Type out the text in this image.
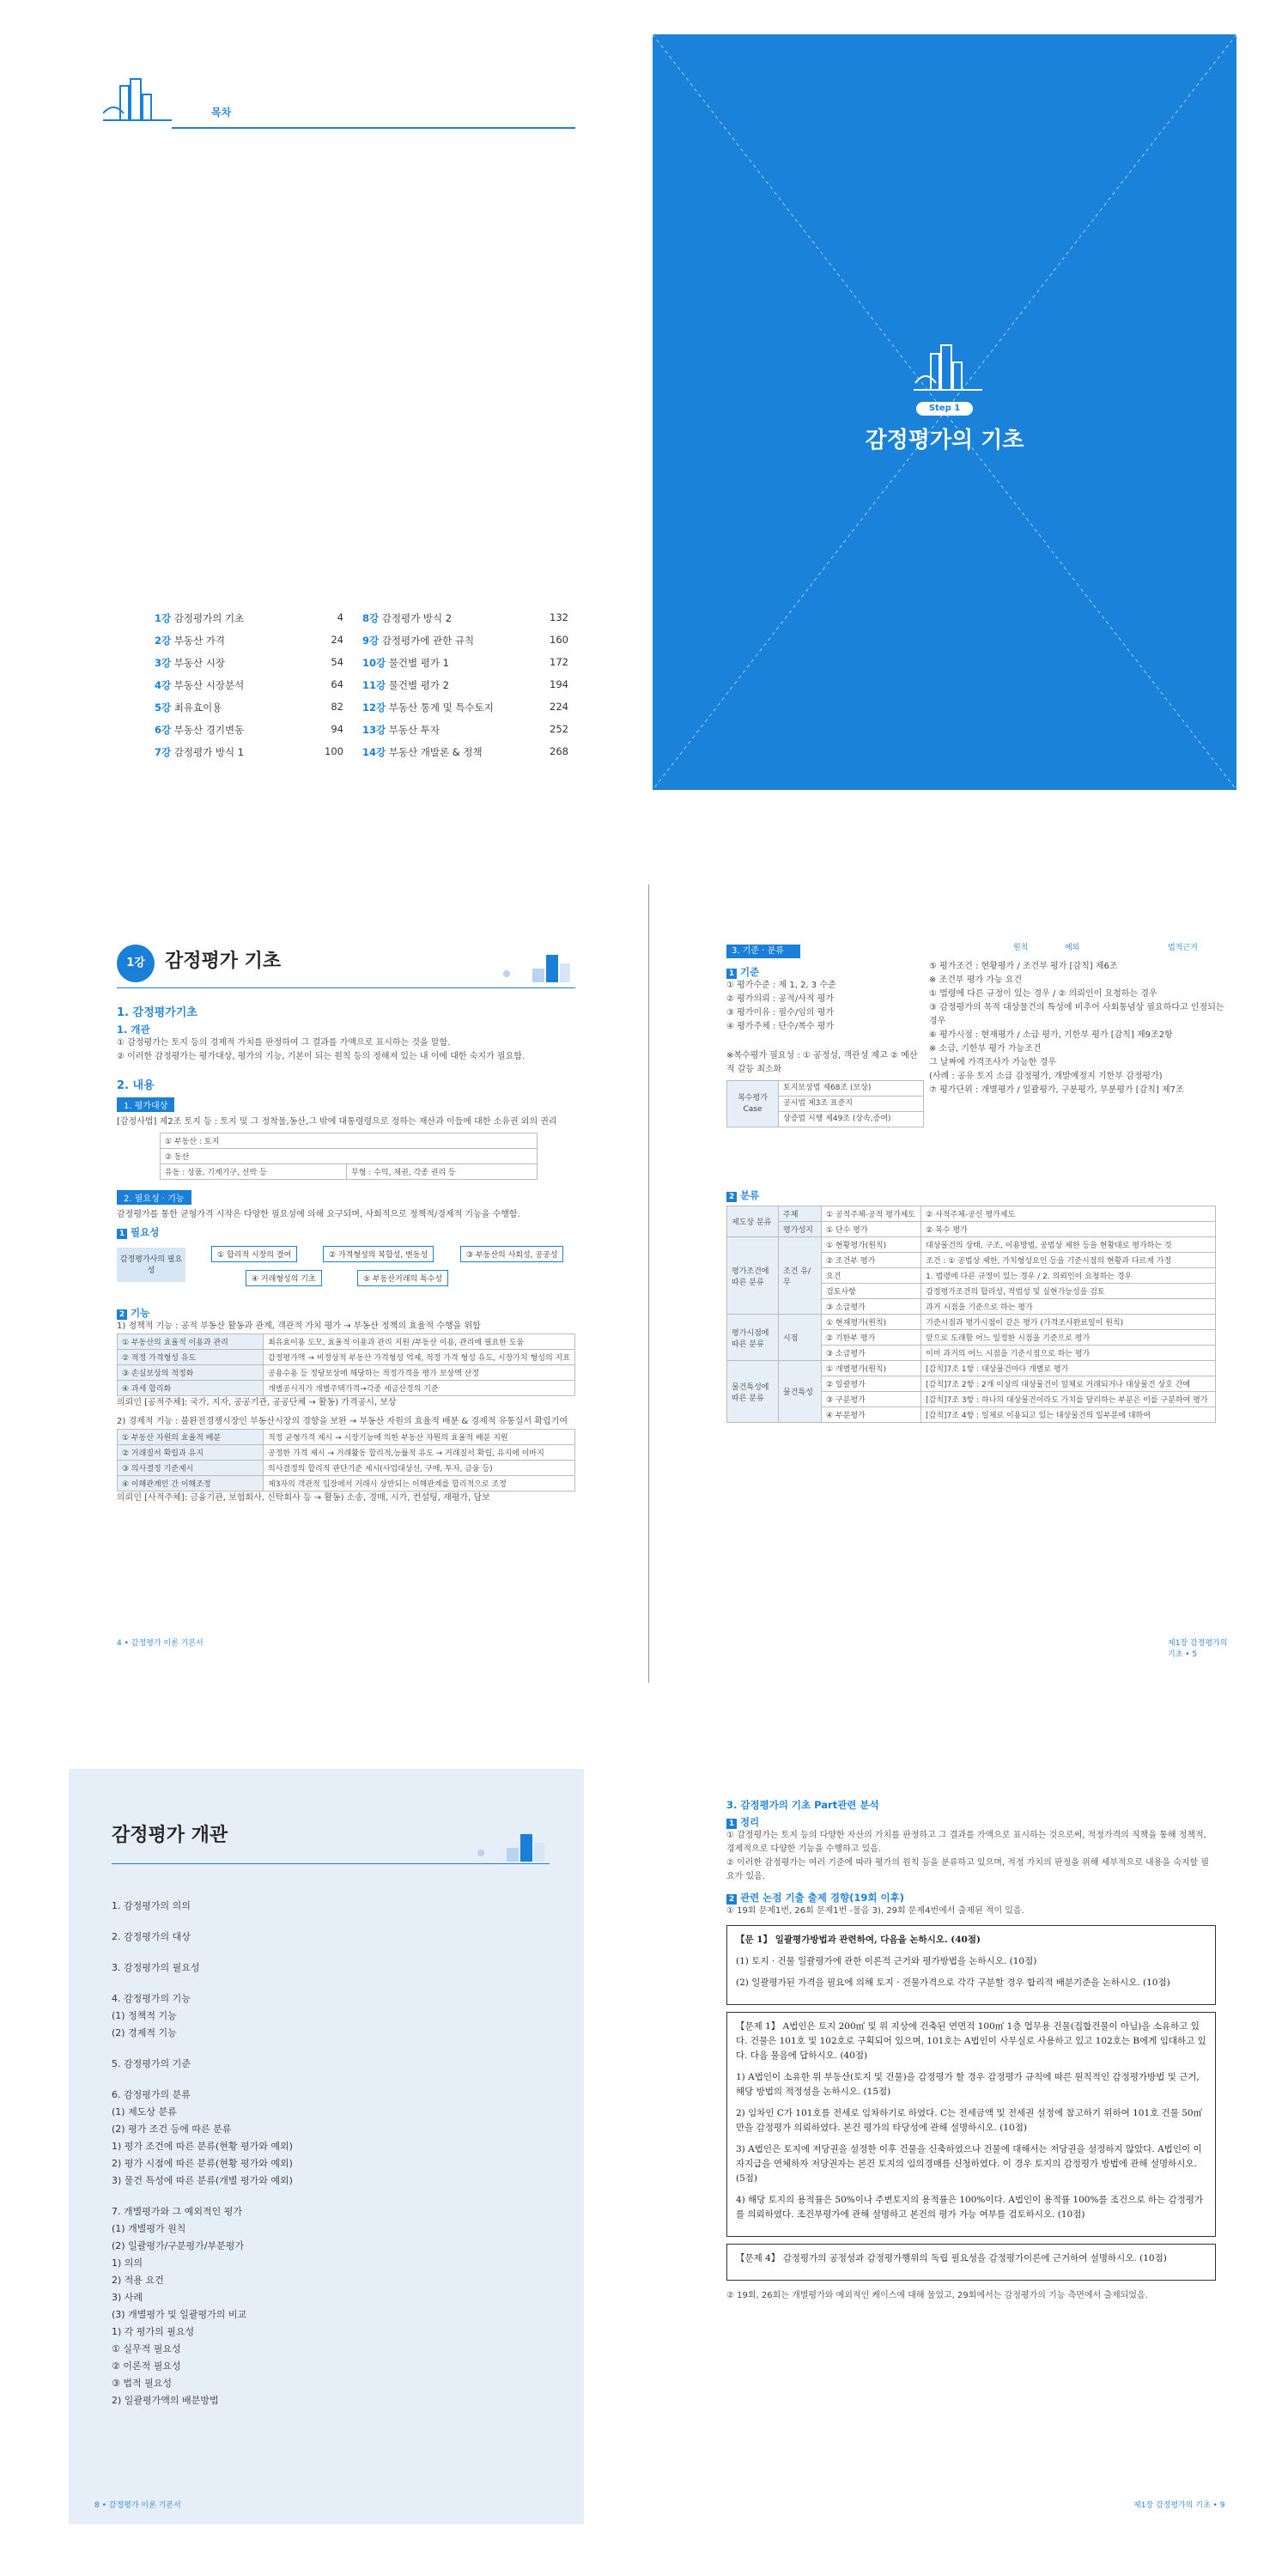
목차
1강 감정평가의 기초	4 8강 감정평가 방식 2	132
2강 부동산 가격	24 9강 감정평가에 관한 규칙	160
3강 부동산 시장	54 10강 물건별 평가 1	172
4강 부동산 시장분석	64 11강 물건별 평가 2	194
5강 최유효이용	82 12강 부동산 통계 및 특수토지	224
6강 부동산 경기변동	94 13강 부동산 투자	252
7강 감정평가 방식 1	100 14강 부동산 개발론 & 정책	268
Step 1
감정평가의 기초
1강	감정평가 기초
1. 감정평가기초
1. 개관
① 감정평가는 토지 등의 경제적 가치를 판정하여 그 결과를 가액으로 표시하는 것을 말함.
② 이러한 감정평가는 평가대상, 평가의 기능, 기본이 되는 원칙 등의 정해져 있는 내 이에 대한 숙지가 필요함.
2. 내용
1. 평가대상
[감정사법] 제2조 토지 등 : 토지 및 그 정착물,동산,그 밖에 대통령령으로 정하는 재산과 이들에 대한 소유권 외의 권리
① 부동산 : 토지
② 동산
유동 : 상품, 기계기구, 선박 등	무형 : 수익, 채권, 각종 권리 등
2. 필요성 · 기능
감정평가를 통한 균형가격 시작은 다양한 필요성에 의해 요구되며, 사회적으로 정책적/경제적 기능을 수행함.
1 필요성
감정평가사의 필요성
① 합리적 시장의 결여	② 가격형성의 복합성, 변동성	③ 부동산의 사회성, 공공성
④ 거래형성의 기초	⑤ 부동산거래의 특수성
2 기능
1) 정책적 기능 : 공적 부동산 활동과 관계, 객관적 가치 평가 → 부동산 정책의 효율적 수행을 위함
① 부동산의 효율적 이용과 관리	최유효이용 도모, 효율적 이용과 관리 지원 /부동산 이용, 관리에 필요한 도움
② 적정 가격형성 유도	감정평가액 → 비정상적 부동산 가격형성 억제, 적정 가격 형성 유도, 시장가치 형성의 지표
③ 손실보상의 적정화	공용수용 등 정당보상에 해당하는 적정가격을 평가 보상액 산정
④ 과세 합리화	개별공시지가 개별주택가격→각종 세금산정의 기준
의뢰인 [공적주체]: 국가, 지자, 공공기관, 공공단체 → 활동) 가격공시, 보상
2) 경제적 기능 : 불완전경쟁시장인 부동산시장의 경향을 보완 → 부동산 자원의 효율적 배분 & 경제적 유통실서 확립기여
① 부동산 자원의 효율적 배분	적정 균형가격 제시 → 시장기능에 의한 부동산 자원의 효율적 배분 지원
② 거래질서 확립과 유지	공정한 가격 제시 → 거래활동 합리적,능률적 유도 → 거래질서 확립, 유지에 이바지
③ 의사결정 기준제시	의사결정의 합리적 판단기준 제시(사업대상선, 구매, 투자, 금융 등)
④ 이해관계인 간 이해조정	제3자의 객관적 입장에서 거래시 상반되는 이해관계를 합리적으로 조정
의뢰인 [사적주체]: 금융기관, 보험회사, 신탁회사 등 → 활동) 소송, 경매, 시가, 컨설팅, 재평가, 담보
4 • 감정평가 이론 기본서
3. 기준 · 분류	원칙	예외	법적근거
1 기준
① 평가수준 : 제 1, 2, 3 수준
② 평가의뢰 : 공적/사적 평가
③ 평가이유 : 필수/임의 평가
④ 평가주체 : 단수/복수 평가
※복수평가 필요성 : ① 공정성, 객관성 제고 ② 예산적 갈등 최소화
복수평가 Case	토지보상법 제68조 (보상)
공시법 제3조 표준지
상증법 시행 제49조 (상속,증여)
⑤ 평가조건 : 현황평가 / 조건부 평가 [감칙] 제6조
※ 조건부 평가 가능 요건
① 법령에 다른 규정이 있는 경우 / ② 의뢰인이 요청하는 경우
③ 감정평가의 목적 대상물건의 특성에 비추어 사회통념상 필요하다고 인정되는 경우
⑥ 평가시점 : 현재평가 / 소급 평가, 기한부 평가 [감칙] 제9조2항
※ 소급, 기한부 평가 가능조건
그 날짜에 가격조사가 가능한 경우
(사례 : 공유 토지 소급 감정평가, 개발예정지 기한부 감정평가)
⑦ 평가단위 : 개별평가 / 일괄평가, 구분평가, 부분평가 [감칙] 제7조
2 분류
제도상 분류	주체	① 공적주체-공적 평가제도	② 사적주체-공신 평가제도
	평가성지	① 단수 평가	② 복수 평가
평가조건에 따른 분류	조건 유/무	① 현황평가(원칙)	대상물건의 상태, 구조, 이용방법, 공법상 제한 등을 현황대로 평가하는 것
		② 조건부 평가	조건 : ① 공법상 제한, 가치형성요인 등을 기준시점의 현황과 다르게 가정
		요건	1. 법령에 다른 규정이 있는 경우 / 2. 의뢰인이 요청하는 경우
		검토사항	감정평가조건의 합리성, 적법성 및 실현가능성을 검토
		③ 소급평가	과거 시점을 기준으로 하는 평가
평가시점에 따른 분류	시점	① 현재평가(원칙)	기준시점과 평가시점이 같은 평가 (가격조사완료일이 원칙)
		② 기한부 평가	앞으로 도래할 어느 일정한 시점을 기준으로 평가
		③ 소급평가	이미 과거의 어느 시점을 기준시점으로 하는 평가
물건특성에 따른 분류	물건특성	① 개별평가(원칙)	[감칙]7조 1항 : 대상물건마다 개별로 평가
		② 일괄평가	[감칙]7조 2항 : 2개 이상의 대상물건이 일체로 거래되거나 대상물건 상호 간에
		③ 구분평가	[감칙]7조 3항 : 하나의 대상물건이라도 가치를 달리하는 부분은 이를 구분하여 평가
		④ 부분평가	[감칙]7조 4항 : 일체로 이용되고 있는 대상물건의 일부분에 대하여
제1장 감정평가의 기초 • 5
감정평가 개관
1. 감정평가의 의의
2. 감정평가의 대상
3. 감정평가의 필요성
4. 감정평가의 기능
(1) 정책적 기능
(2) 경제적 기능
5. 감정평가의 기준
6. 감정평가의 분류
(1) 제도상 분류
(2) 평가 조건 등에 따른 분류
1) 평가 조건에 따른 분류(현황 평가와 예외)
2) 평가 시점에 따른 분류(현황 평가와 예외)
3) 물건 특성에 따른 분류(개별 평가와 예외)
7. 개별평가와 그 예외적인 평가
(1) 개별평가 원칙
(2) 일괄평가/구분평가/부분평가
1) 의의
2) 적용 요건
3) 사례
(3) 개별평가 및 일괄평가의 비교
1) 각 평가의 필요성
① 실무적 필요성
② 이론적 필요성
③ 법적 필요성
2) 일괄평가액의 배분방법
8 • 감정평가 이론 기본서
3. 감정평가의 기초 Part관련 분석
1 정리
① 감정평가는 토지 등의 다양한 자산의 가치를 판정하고 그 결과를 가액으로 표시하는 것으로써, 적정가격의 직책을 통해 정책적, 경제적으로 다양한 기능을 수행하고 있음.
② 이러한 감정평가는 여러 기준에 따라 평가의 원칙 등을 분류하고 있으며, 적정 가치의 판정을 위해 세부적으로 내용을 숙지할 필요가 있음.
2 관련 논점 기출 출제 경향(19회 이후)
① 19회 문제1번, 26회 문제1번 -물음 3), 29회 문제4번에서 출제된 적이 있음.

【문 1】 일괄평가방법과 관련하여, 다음을 논하시오. (40점)

(1) 토지 · 건물 일괄평가에 관한 이론적 근거와 평가방법을 논하시오. (10점)

(2) 일괄평가된 가격을 필요에 의해 토지 · 건물가격으로 각각 구분할 경우 합리적 배분기준을 논하시오. (10점)

【문제 1】 A법인은 토지 200㎡ 및 위 지상에 건축된 연면적 100㎡ 1층 업무용 건물(집합건물이 아님)을 소유하고 있다. 건물은 101호 및 102호로 구획되어 있으며, 101호는 A법인이 사무실로 사용하고 있고 102호는 B에게 임대하고 있다. 다음 물음에 답하시오. (40점)

1) A법인이 소유한 위 부동산(토지 및 건물)을 감정평가 할 경우 감정평가 규칙에 따른 원칙적인 감정평가방법 및 근거, 해당 방법의 적정성을 논하시오. (15점)

2) 임차인 C가 101호를 전세로 임차하기로 하였다. C는 전세금액 및 전세권 설정에 참고하기 위하여 101호 건물 50㎡만을 감정평가 의뢰하였다. 본건 평가의 타당성에 관해 설명하시오. (10점)

3) A법인은 토지에 저당권을 설정한 이후 건물을 신축하였으나 건물에 대해서는 저당권을 설정하지 않았다. A법인이 이자지급을 연체하자 저당권자는 본건 토지의 임의경매를 신청하였다. 이 경우 토지의 감정평가 방법에 관해 설명하시오. (5점)

4) 해당 토지의 용적률은 50%이나 주변토지의 용적률은 100%이다. A법인이 용적률 100%를 조건으로 하는 감정평가를 의뢰하였다. 조건부평가에 관해 설명하고 본건의 평가 가능 여부를 검토하시오. (10점)

【문제 4】 감정평가의 공정성과 감정평가행위의 독립 필요성을 감정평가이론에 근거하여 설명하시오. (10점)

② 19회, 26회는 개별평가와 예외적인 케이스에 대해 물었고, 29회에서는 감정평가의 기능 측면에서 출제되었음.
제1장 감정평가의 기초 • 9
